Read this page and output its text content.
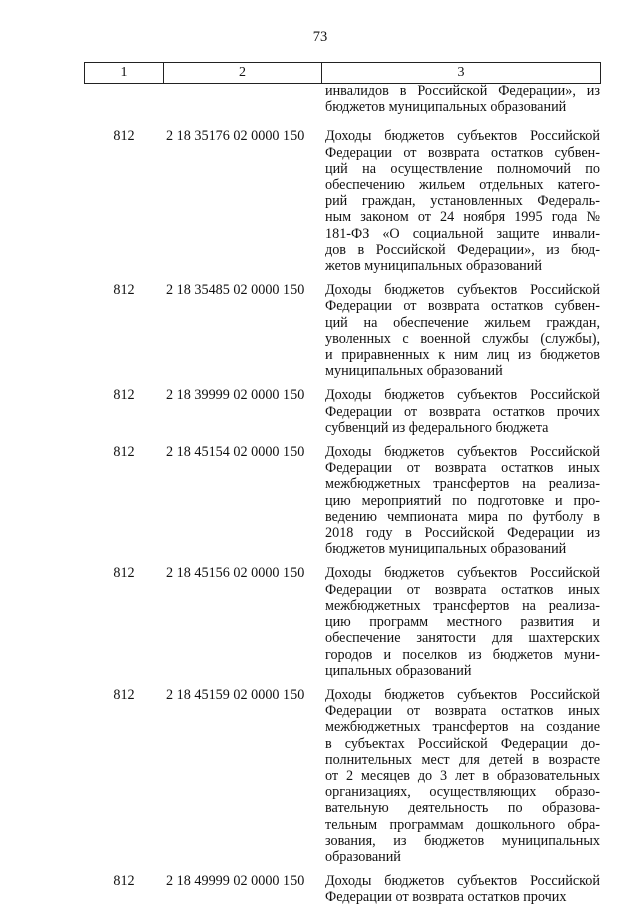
73
1	2	3
инвалидов в Российской Федерации», из
бюджетов муниципальных образований
812	2 18 35176 02 0000 150	Доходы бюджетов субъектов Российской
Федерации от возврата остатков субвен-
ций на осуществление полномочий по
обеспечению жильем отдельных катего-
рий граждан, установленных Федераль-
ным законом от 24 ноября 1995 года №
181-ФЗ «О социальной защите инвали-
дов в Российской Федерации», из бюд-
жетов муниципальных образований
812	2 18 35485 02 0000 150	Доходы бюджетов субъектов Российской
Федерации от возврата остатков субвен-
ций на обеспечение жильем граждан,
уволенных с военной службы (службы),
и приравненных к ним лиц из бюджетов
муниципальных образований
812	2 18 39999 02 0000 150	Доходы бюджетов субъектов Российской
Федерации от возврата остатков прочих
субвенций из федерального бюджета
812	2 18 45154 02 0000 150	Доходы бюджетов субъектов Российской
Федерации от возврата остатков иных
межбюджетных трансфертов на реализа-
цию мероприятий по подготовке и про-
ведению чемпионата мира по футболу в
2018 году в Российской Федерации из
бюджетов муниципальных образований
812	2 18 45156 02 0000 150	Доходы бюджетов субъектов Российской
Федерации от возврата остатков иных
межбюджетных трансфертов на реализа-
цию программ местного развития и
обеспечение занятости для шахтерских
городов и поселков из бюджетов муни-
ципальных образований
812	2 18 45159 02 0000 150	Доходы бюджетов субъектов Российской
Федерации от возврата остатков иных
межбюджетных трансфертов на создание
в субъектах Российской Федерации до-
полнительных мест для детей в возрасте
от 2 месяцев до 3 лет в образовательных
организациях, осуществляющих образо-
вательную деятельность по образова-
тельным программам дошкольного обра-
зования, из бюджетов муниципальных
образований
812	2 18 49999 02 0000 150	Доходы бюджетов субъектов Российской
Федерации от возврата остатков прочих
